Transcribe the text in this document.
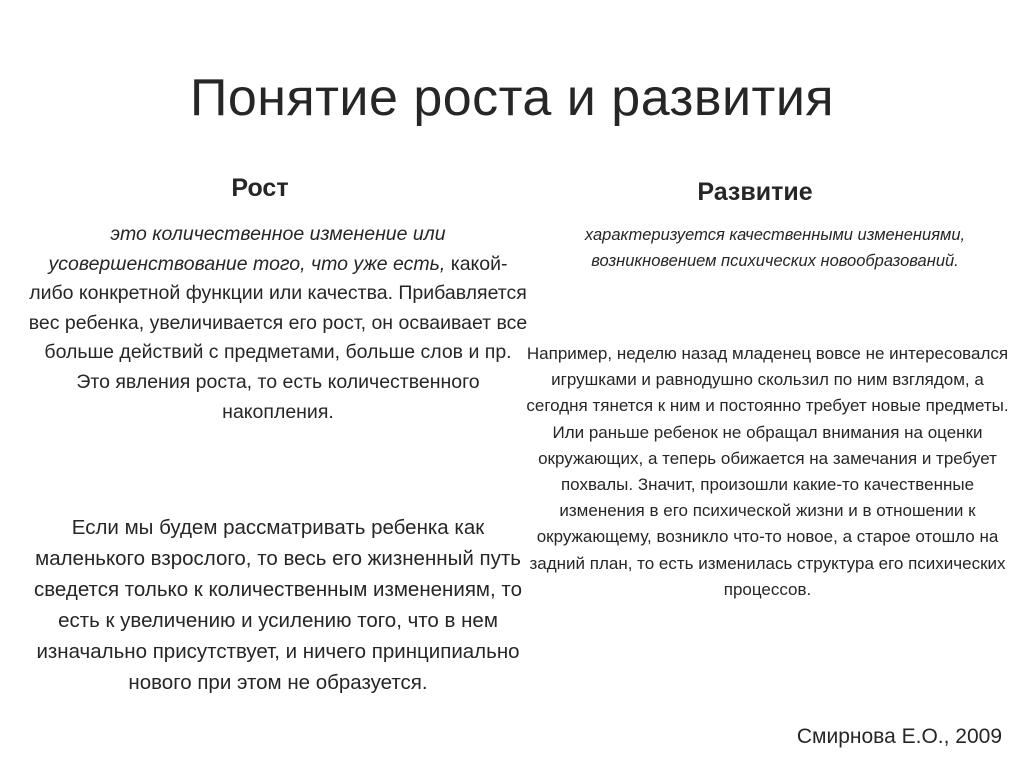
Понятие роста и развития
Рост	Развитие

это количественное изменение или усовершенствование того, что уже есть, какой-либо конкретной функции или качества. Прибавляется вес ребенка, увеличивается его рост, он осваивает все больше действий с предметами, больше слов и пр. Это явления роста, то есть количественного накопления.

Если мы будем рассматривать ребенка как маленького взрослого, то весь его жизненный путь сведется только к количественным изменениям, то есть к увеличению и усилению того, что в нем изначально присутствует, и ничего принципиально нового при этом не образуется.

характеризуется качественными изменениями, возникновением психических новообразований.

Например, неделю назад младенец вовсе не интересовался игрушками и равнодушно скользил по ним взглядом, а сегодня тянется к ним и постоянно требует новые предметы. Или раньше ребенок не обращал внимания на оценки окружающих, а теперь обижается на замечания и требует похвалы. Значит, произошли какие-то качественные изменения в его психической жизни и в отношении к окружающему, возникло что-то новое, а старое отошло на задний план, то есть изменилась структура его психических процессов.

Смирнова Е.О., 2009
